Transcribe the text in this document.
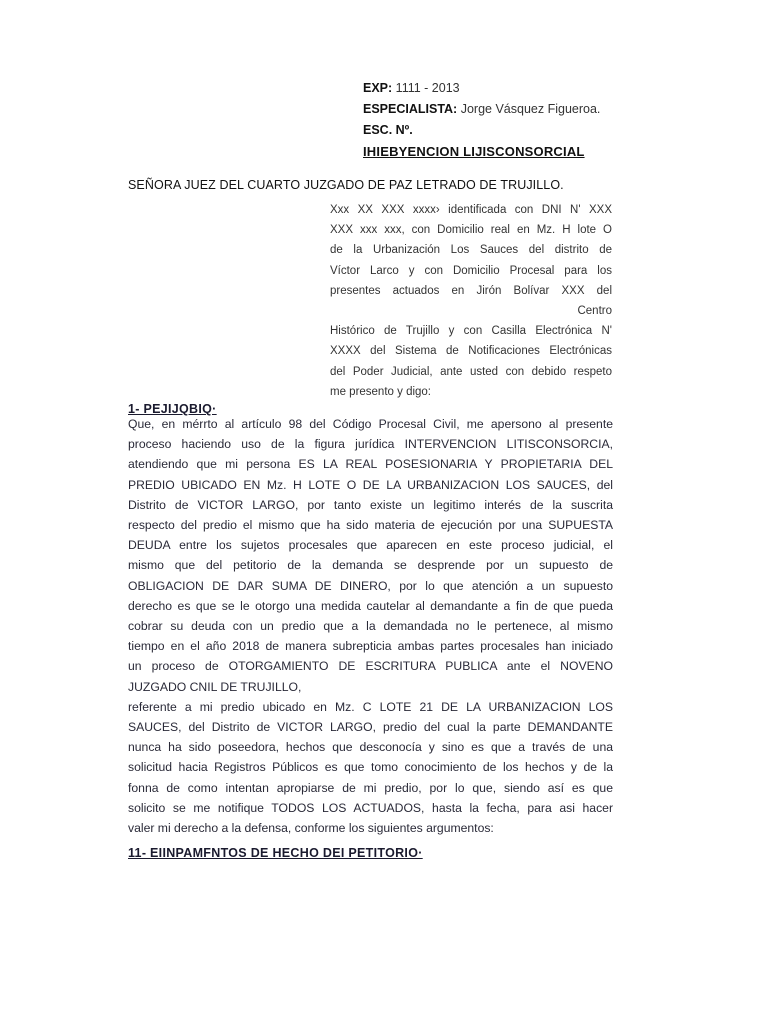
EXP: 1111 - 2013
ESPECIALISTA: Jorge Vásquez Figueroa.
ESC. Nº.
IHIEBYENCION LIJISCONSORCIAL
SEÑORA JUEZ DEL CUARTO JUZGADO DE PAZ LETRADO DE TRUJILLO.
Xxx XX XXX xxxx› identificada con DNI N' XXX
XXX xxx xxx, con Domicilio real en Mz. H lote O
de la Urbanización Los Sauces del distrito de
Víctor Larco y con Domicilio Procesal para los
presentes actuados en Jirón Bolívar XXX del
Centro
Histórico de Trujillo y con Casilla Electrónica N'
XXXX del Sistema de Notificaciones Electrónicas
del Poder Judicial, ante usted con debido respeto
me presento y digo:
1- PEJIJQBIQ·
Que, en mérrto al artículo 98 del Código Procesal Civil, me apersono al presente
proceso haciendo uso de la figura jurídica INTERVENCION LITISCONSORCIA,
atendiendo que mi persona ES LA REAL POSESIONARIA Y PROPIETARIA DEL
PREDIO UBICADO EN Mz. H LOTE O DE LA URBANIZACION LOS SAUCES, del
Distrito de VICTOR LARGO, por tanto existe un legitimo interés de la suscrita
respecto del predio el mismo que ha sido materia de ejecución por una SUPUESTA
DEUDA entre los sujetos procesales que aparecen en este proceso judicial, el
mismo que del petitorio de la demanda se desprende por un supuesto de
OBLIGACION DE DAR SUMA DE DINERO, por lo que atención a un supuesto
derecho es que se le otorgo una medida cautelar al demandante a fin de que pueda
cobrar su deuda con un predio que a la demandada no le pertenece, al mismo
tiempo en el año 2018 de manera subrepticia ambas partes procesales han iniciado
un proceso de OTORGAMIENTO DE ESCRITURA PUBLICA ante el NOVENO
JUZGADO CNIL DE TRUJILLO,
referente a mi predio ubicado en Mz. C LOTE 21 DE LA URBANIZACION LOS
SAUCES, del Distrito de VICTOR LARGO, predio del cual la parte DEMANDANTE
nunca ha sido poseedora, hechos que desconocía y sino es que a través de una
solicitud hacia Registros Públicos es que tomo conocimiento de los hechos y de la
fonna de como intentan apropiarse de mi predio, por lo que, siendo así es que
solicito se me notifique TODOS LOS ACTUADOS, hasta la fecha, para asi hacer
valer mi derecho a la defensa, conforme los siguientes argumentos:
11- EIINPAMFNTOS DE HECHO DEI PETITORIO·
